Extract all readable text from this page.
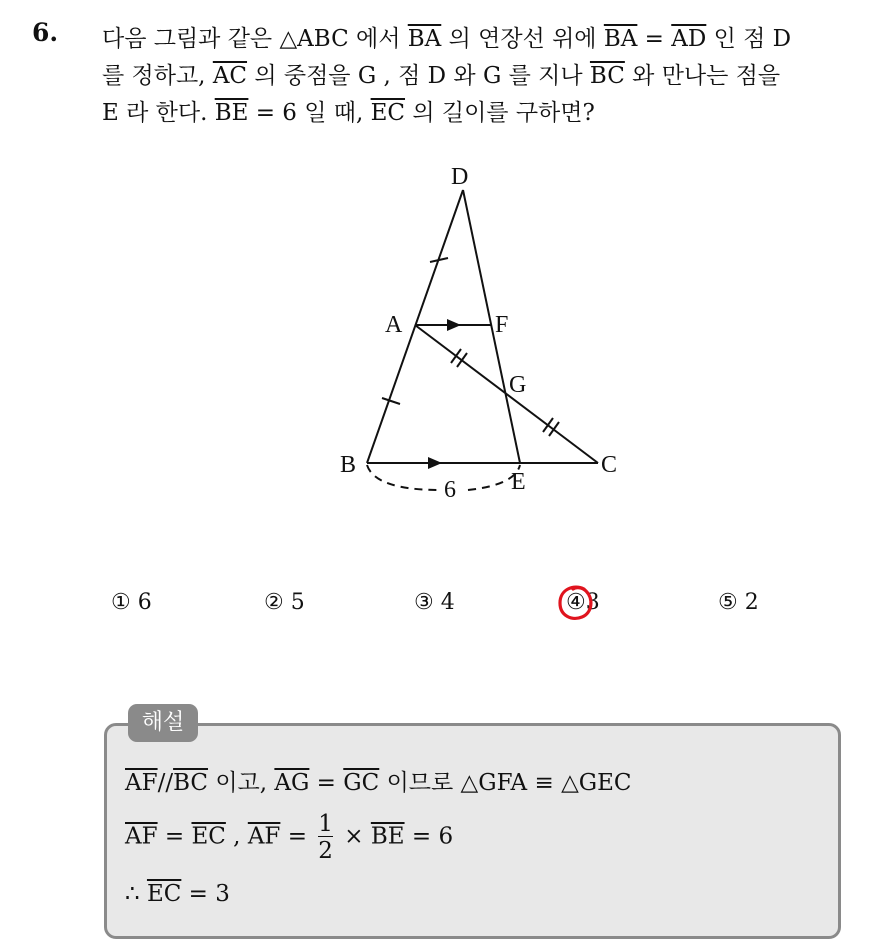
6. 다음 그림과 같은 △ABC 에서 $\overline{BA}$ 의 연장선 위에 $\overline{BA} = \overline{AD}$ 인 점 D
를 정하고, $\overline{AC}$ 의 중점을 G , 점 D 와 G 를 지나 $\overline{BC}$ 와 만나는 점을
E 라 한다. $\overline{BE} = 6$ 일 때, $\overline{EC}$ 의 길이를 구하면?
D
A	F
G
B
E
C
6
① 6	② 5	③ 4	④3	⑤ 2
해설
$\overline{AF}//\overline{BC}$ 이고, $\overline{AG} = \overline{GC}$ 이므로 △GFA ≡ △GEC
$\overline{AF} = \overline{EC}$ , $\overline{AF} = \frac{1}{2} \times \overline{BE} = 6$
∴ $\overline{EC} = 3$
